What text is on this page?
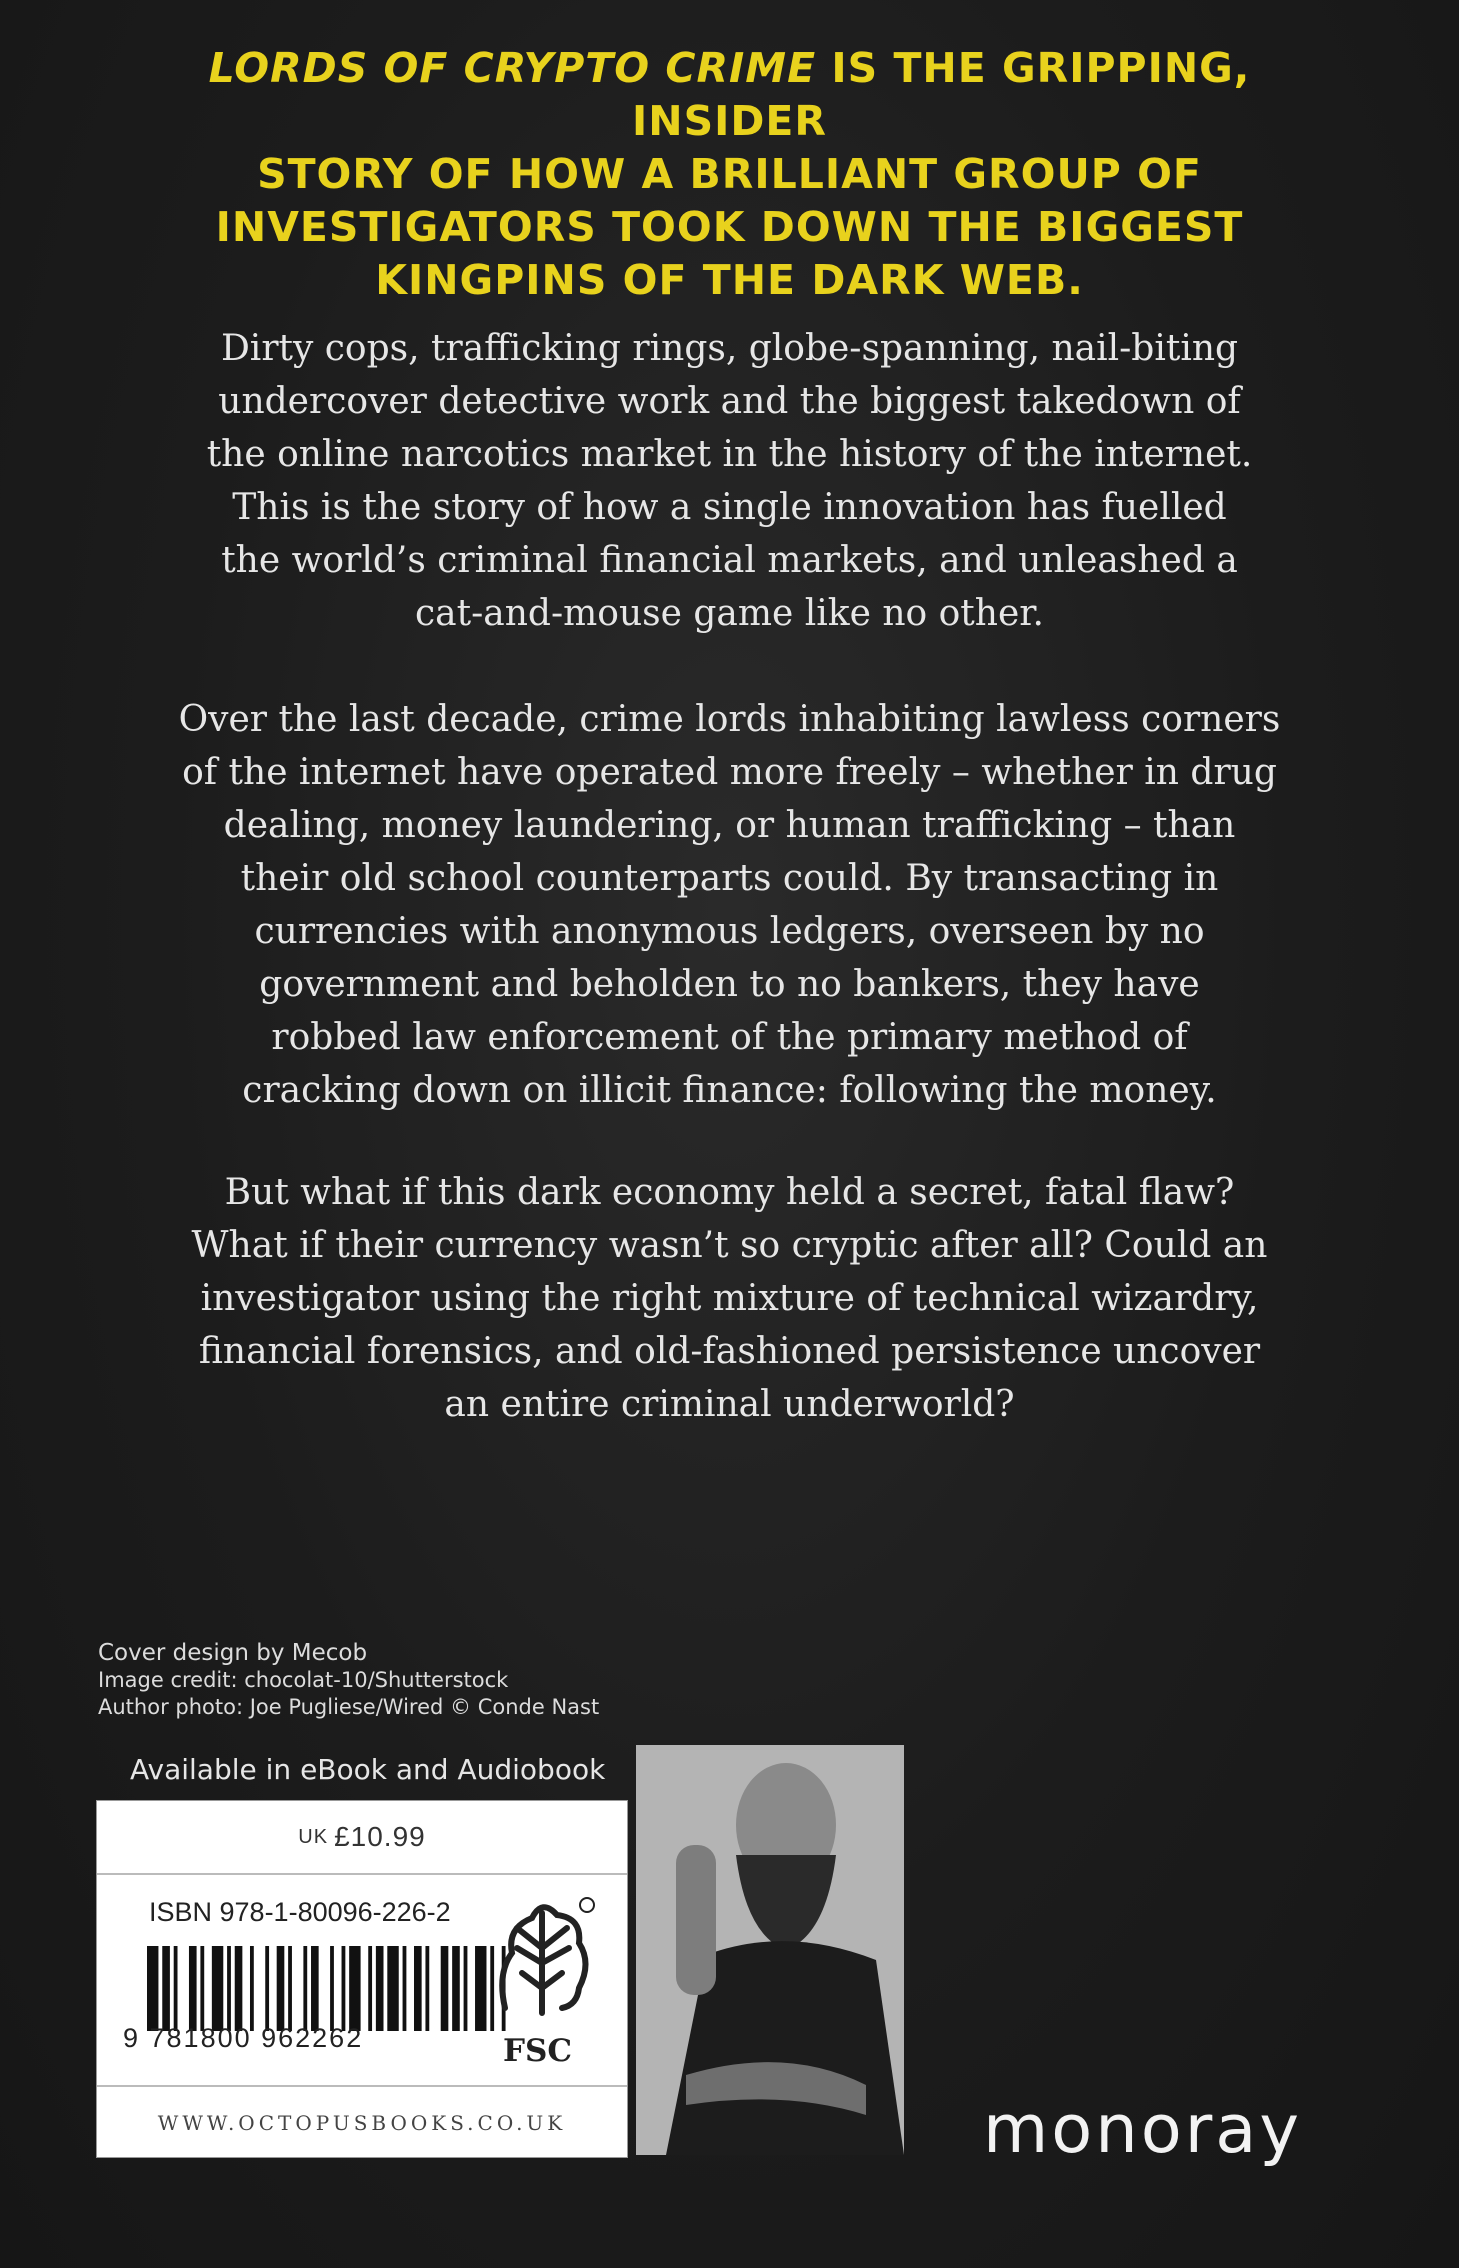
LORDS OF CRYPTO CRIME IS THE GRIPPING, INSIDER
STORY OF HOW A BRILLIANT GROUP OF
INVESTIGATORS TOOK DOWN THE BIGGEST
KINGPINS OF THE DARK WEB.
Dirty cops, trafficking rings, globe-spanning, nail-biting
undercover detective work and the biggest takedown of
the online narcotics market in the history of the internet.
This is the story of how a single innovation has fuelled
the world’s criminal financial markets, and unleashed a
cat-and-mouse game like no other.
Over the last decade, crime lords inhabiting lawless corners
of the internet have operated more freely – whether in drug
dealing, money laundering, or human trafficking – than
their old school counterparts could. By transacting in
currencies with anonymous ledgers, overseen by no
government and beholden to no bankers, they have
robbed law enforcement of the primary method of
cracking down on illicit finance: following the money.
But what if this dark economy held a secret, fatal flaw?
What if their currency wasn’t so cryptic after all? Could an
investigator using the right mixture of technical wizardry,
financial forensics, and old-fashioned persistence uncover
an entire criminal underworld?
Cover design by Mecob
Image credit: chocolat-10/Shutterstock
Author photo: Joe Pugliese/Wired © Conde Nast
Available in eBook and Audiobook
UK £10.99
ISBN 978-1-80096-226-2
9 781800 962262	FSC
WWW.OCTOPUSBOOKS.CO.UK	monoray
